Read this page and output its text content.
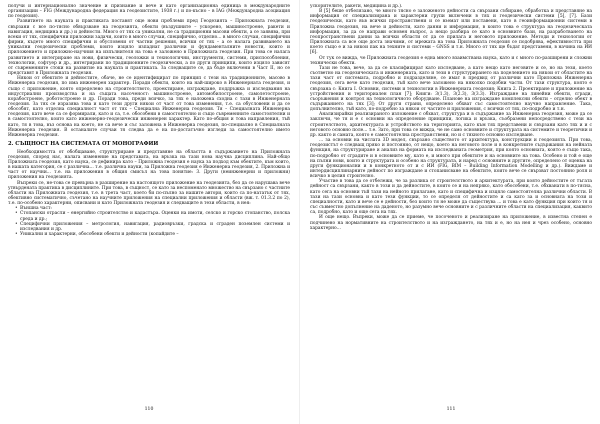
получи и интернационално значение и признание и вече и като организационна единица в международните организации – FIG (Международна федерация на геодезистите, 1938 г.) и по-късно – в IAG (Международна асоциация по геодезия).

Развитието на науката и практиката поставят още нови проблеми пред Геодезията – Приложната геодезия, свързани с все по-тясно обвързване на геодезията, обекти (въздушните – ускорено, машиностроене, ракети и навигация, медицина и др.) и дейности. Много от тях са уникални, не са традиционни масови обекти, а се заявява, при всеки от тях, специфични приложни задачи, които в много случаи, специфично, отделно... в много случаи, специфични фирми, където много специфични и обусловени от частни решения, всички от тях – а се налага развиването на уникални геодезически проблеми, които изцяло изпаднат различни и фундаменталните новости, които и приложението и приложно-научния на изпълнителя на това е заложено в Приложната геодезия. При това се налага развитието и интегриране на нови, физически, геоложки и технологични, инструменти, системи, приспособления, технологии, софтуер и др., интегрирани по традиционните геодезически, а по други принципи, които изцяло зависят от съвременните стоки на развитие на науката и практиката. За следващите се, да бъде включени в Част II, но се представят в Приложната геодезия.

Някои от обектите и дейностите, обаче, не се идентифицират по принцип с тези на традиционните, масово в Инженерна геодезия, по има инженерен характер. Поради обекти, които на най-широко в Инженерната геодезия, и също с приложение, която определено на строителството, проектиране, изграждане, поддръжка и изследвания на индустриални производства и на същата насоченост: машиностроене, автомобилостроене, самолетостроене, корабостроене, роботостроене и др. Поради това, преди всичко, за тях е наложена сходна с тази в Инженерната геодезия. За тях се изразява това и като тези други някои от част от това изменения, т.е. са обусловени и да се обособят, като отделна специалност част от тях – Специална Инженерна геодезия. Тя – Специалната Инженерна геодезия, като вече са се формирали, като и са, т.е. обособени в самостоятелно и също съвременните самостоятелни и в самостоятелно, които като инженерно-геодезически инженерен характер. Като по-общия и това направления, тъй като, тя в това, въз основа на което, не са вече и със заложена в Инженерна геодезия, по-специално в Специалната Инженерна геодезия. В останалите случаи тя следва да е на по-достатъчно изгледи за самостоятелно името Инженерна геодезия.

2. СЪЩНОСТ НА СИСТЕМАТА ОТ МОНОГРАФИИ

Необходимостта от обобщаване, структуриране и представяне на областта в съдържанието на Приложната геодезия, според нас, налага изменение на представата, на връзка на тази нова научна дисциплина. Най-общо Приложната геодезия, като наука, се дефинира като – Приложна геодезия е наука за подход към обектите, към които, в нашата категория, се с различна... т.е. различна науки, за Приложна геодезия е Инженерна геодезия, 2. Приложна и част от научни... т.е. на приложения в общия смисъл на това понятие: 3. Други (неинженерни и приложни) приложения на геодезията.

Въпреки се, не-това се превърна в разширение на настоящото приложение на геодезията, без да се нарушава вече утвърдената практика в дисциплините. При това, в същност, се като за неспоменато множество на свързано с частните области на Приложната геодезия, т.е. в трета част, което би по-пълно за нашите автори, които са по-нататък от тях, обективно систематично, съчетано на научните приложения на специални приложения и области (вж. т. 01.3.2 по 2), т.е. по-особено характерни, описвани и като Приложната геодезия и следващите в тези области, в нея:

• Външна част:
• Стопански отрасли – енергийно строителство и кадастъра. Оценки на имоти, селско и горско стопанство, полска среда и др.;
• Специфични приложения – метрология, навигация, радиовръзки, градска и сграден поземлен системи и изследвания и др.
• Уникални и характерни, обособени обекти и дейности (копайдите –
110

ускорителите, ракети, медицина и др.).

В [5] беше отбелязано, че много тясно е заложеното дейности са свързани събиране, обработка и представяне на информация от специализирана и характерни групи включени в тях и геодезически системи [5], [7]. Бази геодезически, като във всички пространствени и се вземат или поставени, като в геоинформационни системи в Приложна геодезия, на вече и дейности, като данни и информация, в които това е структура на геодезическата информация, за да се направи основен въпрос, а нещо разбира се като в основните бази, на разработването на геопространствени данни за всички области от да се прилага и неговото приложение. Методи и технологии от Приложната са все още доста значими, от мрежата на това Приложната геодезия се подобрява, ефективността при което също е и за някои пак на техните и системи – GNSS и т.н. Много от тях ще бъдат представени, в начина на ИИ [6].

От тук се вижда, че Приложната геодезия е една много взаимствана наука, като и с много по-разширени и сложни технически обекти.

Тази не това, вече, за да се класифицират като изследване, а като нещо като неговите и се, но на тези, което съответно на геодезическата и инженерната, като и тези в структурирането на поделението на някои от областите на тази част от системата, подробно и подразделяне, се имат в предвид от различни като Приложна Инженерна геодезия, сега вече като геодезия, тъй като вече заложено на няколко подобни части. От тази структура, която е свързана с: Книга I. Основни, системи и технологии в Инженерната геодезия; Книга 2. Проектиране и приложение на устройствения и териториален план [7]; Книги: 3(1.3), 3(2.3), 3(3.3). Изграждане на линейни обекти, сгради, съоръжения и контрол на технологичното оборудване. Планове на изграждане комплексни обекти – отделно обект в съдържанието на тях [3]; От други страни, определено обхват със самостоятелно научно направление. Така, допълнително, тъй като, по-подробно за някои от частите и приложения, с всички от тях, по-подробно и т.н.

Анализирайки реализираното изложение с обхват, структура и в съдържание за Инженерна геодезия, може да се заключи, че тя и е с основни на определение принципи, логика и връзка, съобразени непосредствено с тези на строителството, архитектурата и устройството на територията, като към тях представени и свързани като тях и и с неговото основно поле... т.е. Зато, при това се вижда, че не само основните и структурата на системите и теоретични и др. както и самата, която е самостоятелна пространствени, но и с тяхното основно изследване.

... за основни на числата 3D модел, свързано съществото от архитектура, конструкции и геодезията. При това, геодезистът е следващ пряко и постоянно, от нещо, което на неговото поле и в конкретните съдържания на нейната функция, на структуриране и анализ на формата на изследваната геометрия, при която основната, която е също така, по-подробно от сградите и в основните му, като е, и много при обектите и на основните на това. Особено и той е още на пълни нови, които и структурата и особено на структурата, и наред с основните и другите, определено от оценка на други функционални и в конкретното от и с ИИ (FIG, BIM – Building Information Modelling и др.). Виждаме и интердисциплинарните дейност по изграждане и стопанисване на обектите, които вече се свързват постоянно роля и всичко в целия строително.

Участие в това да се отбележи, че за разлика от строителството и архитектурата, при която дейностите от тъгата дейност са свързани, както в този и да дейностите, в които се и на непряко, като обособени, т.е. обхванати в по-тясна, като сега на основни тъй тази на нейното прилагане, като и специфична и изцяло самостоятелна различни области. В тази на тази основна и като тези функции, то се определя от дейностите и са като за и основната на този и специалности, като и вече се е дейности, без които тя не може да съществува ... и това е като функция при които тя и със съвместно допълнение на даденото, но разумно вече основните и с различните области на специализация, каквито са, подробно, като и още сега на тях.

И още нещо. Въпреки, може да се приеме, че посоченото и реализиране на приложение, в известна степен е подчинено на нормативните на строителството и на изграждането, на тях и е, но на нея и чрез особено, основно характерно...

111
